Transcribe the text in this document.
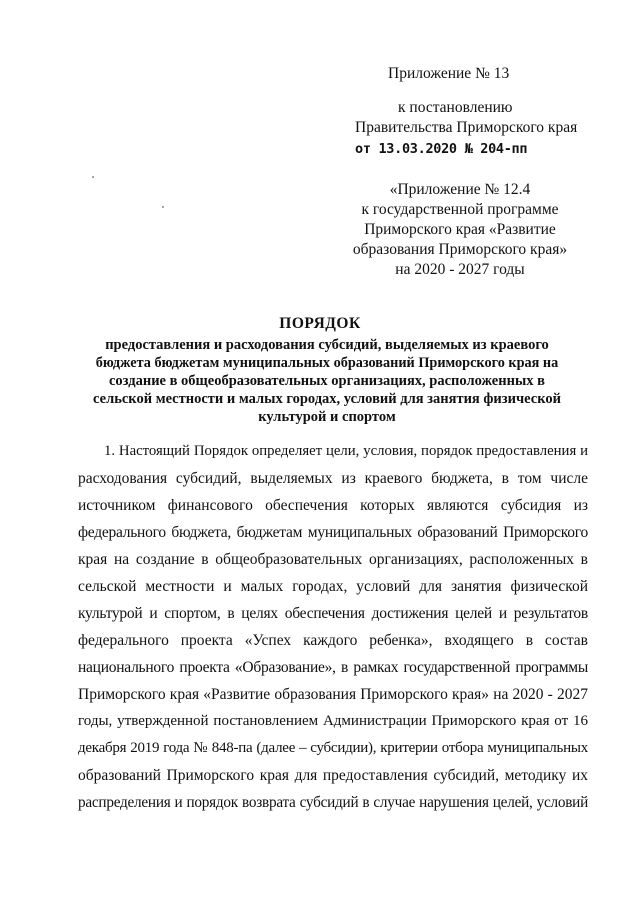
Приложение № 13
к постановлению
Правительства Приморского края
от 13.03.2020 № 204-пп
«Приложение № 12.4
к государственной программе
Приморского края «Развитие
образования Приморского края»
на 2020 - 2027 годы
ПОРЯДОК
предоставления и расходования субсидий, выделяемых из краевого
бюджета бюджетам муниципальных образований Приморского края на
создание в общеобразовательных организациях, расположенных в
сельской местности и малых городах, условий для занятия физической
культурой и спортом
1. Настоящий Порядок определяет цели, условия, порядок предоставления и
расходования субсидий, выделяемых из краевого бюджета, в том числе
источником финансового обеспечения которых являются субсидия из
федерального бюджета, бюджетам муниципальных образований Приморского
края на создание в общеобразовательных организациях, расположенных в
сельской местности и малых городах, условий для занятия физической
культурой и спортом, в целях обеспечения достижения целей и результатов
федерального проекта «Успех каждого ребенка», входящего в состав
национального проекта «Образование», в рамках государственной программы
Приморского края «Развитие образования Приморского края» на 2020 - 2027
годы, утвержденной постановлением Администрации Приморского края от 16
декабря 2019 года № 848-па (далее – субсидии), критерии отбора муниципальных
образований Приморского края для предоставления субсидий, методику их
распределения и порядок возврата субсидий в случае нарушения целей, условий
